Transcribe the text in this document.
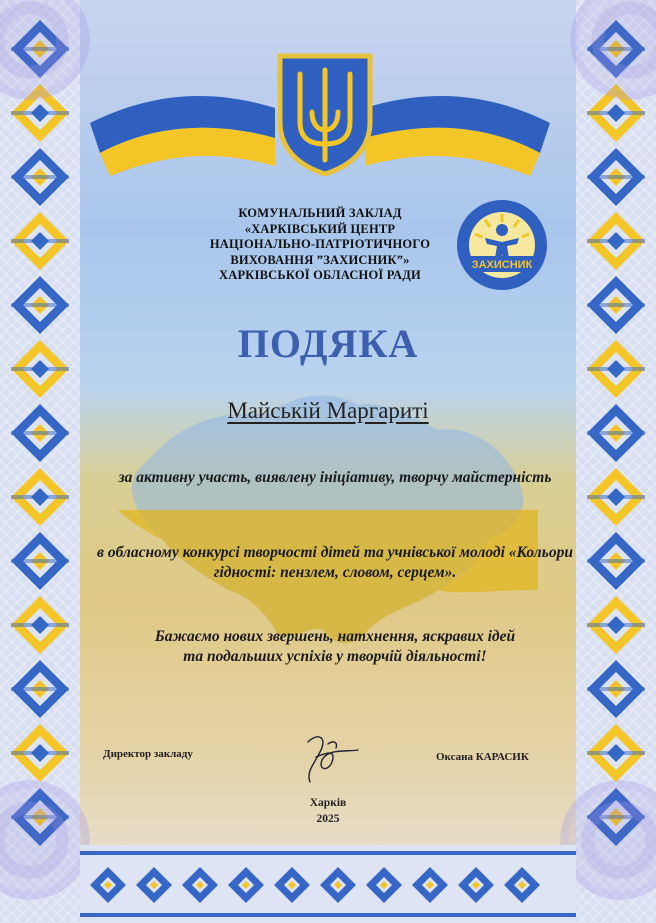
КОМУНАЛЬНИЙ ЗАКЛАД
«ХАРКІВСЬКИЙ ЦЕНТР
НАЦІОНАЛЬНО-ПАТРІОТИЧНОГО
ВИХОВАННЯ ”ЗАХИСНИК”»
ХАРКІВСЬКОЇ ОБЛАСНОЇ РАДИ
ЗАХИСНИК
ПОДЯКА
Майській Маргариті
за активну участь, виявлену ініціативу, творчу майстерність
в обласному конкурсі творчості дітей та учнівської молоді «Кольори гідності: пензлем, словом, серцем».
Бажаємо нових звершень, натхнення, яскравих ідей
та подальших успіхів у творчій діяльності!
Директор закладу	Оксана КАРАСИК
Харків
2025
